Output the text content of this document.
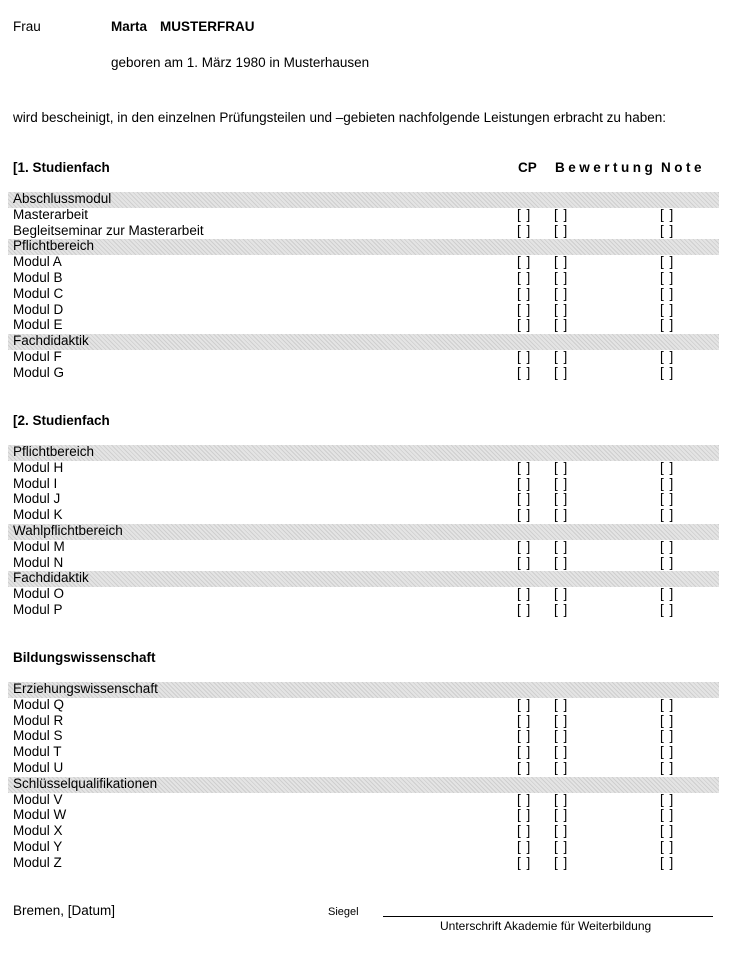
Frau	Marta MUSTERFRAU
geboren am 1. März 1980 in Musterhausen
wird bescheinigt, in den einzelnen Prüfungsteilen und –gebieten nachfolgende Leistungen erbracht zu haben:
[1. Studienfach	CP Bewertung Note
Abschlussmodul
Masterarbeit	[ ] [ ]	[ ]
Begleitseminar zur Masterarbeit	[ ] [ ]	[ ]
Pflichtbereich
Modul A	[ ] [ ]	[ ]
Modul B	[ ] [ ]	[ ]
Modul C	[ ] [ ]	[ ]
Modul D	[ ] [ ]	[ ]
Modul E	[ ] [ ]	[ ]
Fachdidaktik
Modul F	[ ] [ ]	[ ]
Modul G	[ ] [ ]	[ ]
[2. Studienfach
Pflichtbereich
Modul H	[ ] [ ]	[ ]
Modul I	[ ] [ ]	[ ]
Modul J	[ ] [ ]	[ ]
Modul K	[ ] [ ]	[ ]
Wahlpflichtbereich
Modul M	[ ] [ ]	[ ]
Modul N	[ ] [ ]	[ ]
Fachdidaktik
Modul O	[ ] [ ]	[ ]
Modul P	[ ] [ ]	[ ]
Bildungswissenschaft
Erziehungswissenschaft
Modul Q	[ ] [ ]	[ ]
Modul R	[ ] [ ]	[ ]
Modul S	[ ] [ ]	[ ]
Modul T	[ ] [ ]	[ ]
Modul U	[ ] [ ]	[ ]
Schlüsselqualifikationen
Modul V	[ ] [ ]	[ ]
Modul W	[ ] [ ]	[ ]
Modul X	[ ] [ ]	[ ]
Modul Y	[ ] [ ]	[ ]
Modul Z	[ ] [ ]	[ ]
Bremen, [Datum]	Siegel
Unterschrift Akademie für Weiterbildung
